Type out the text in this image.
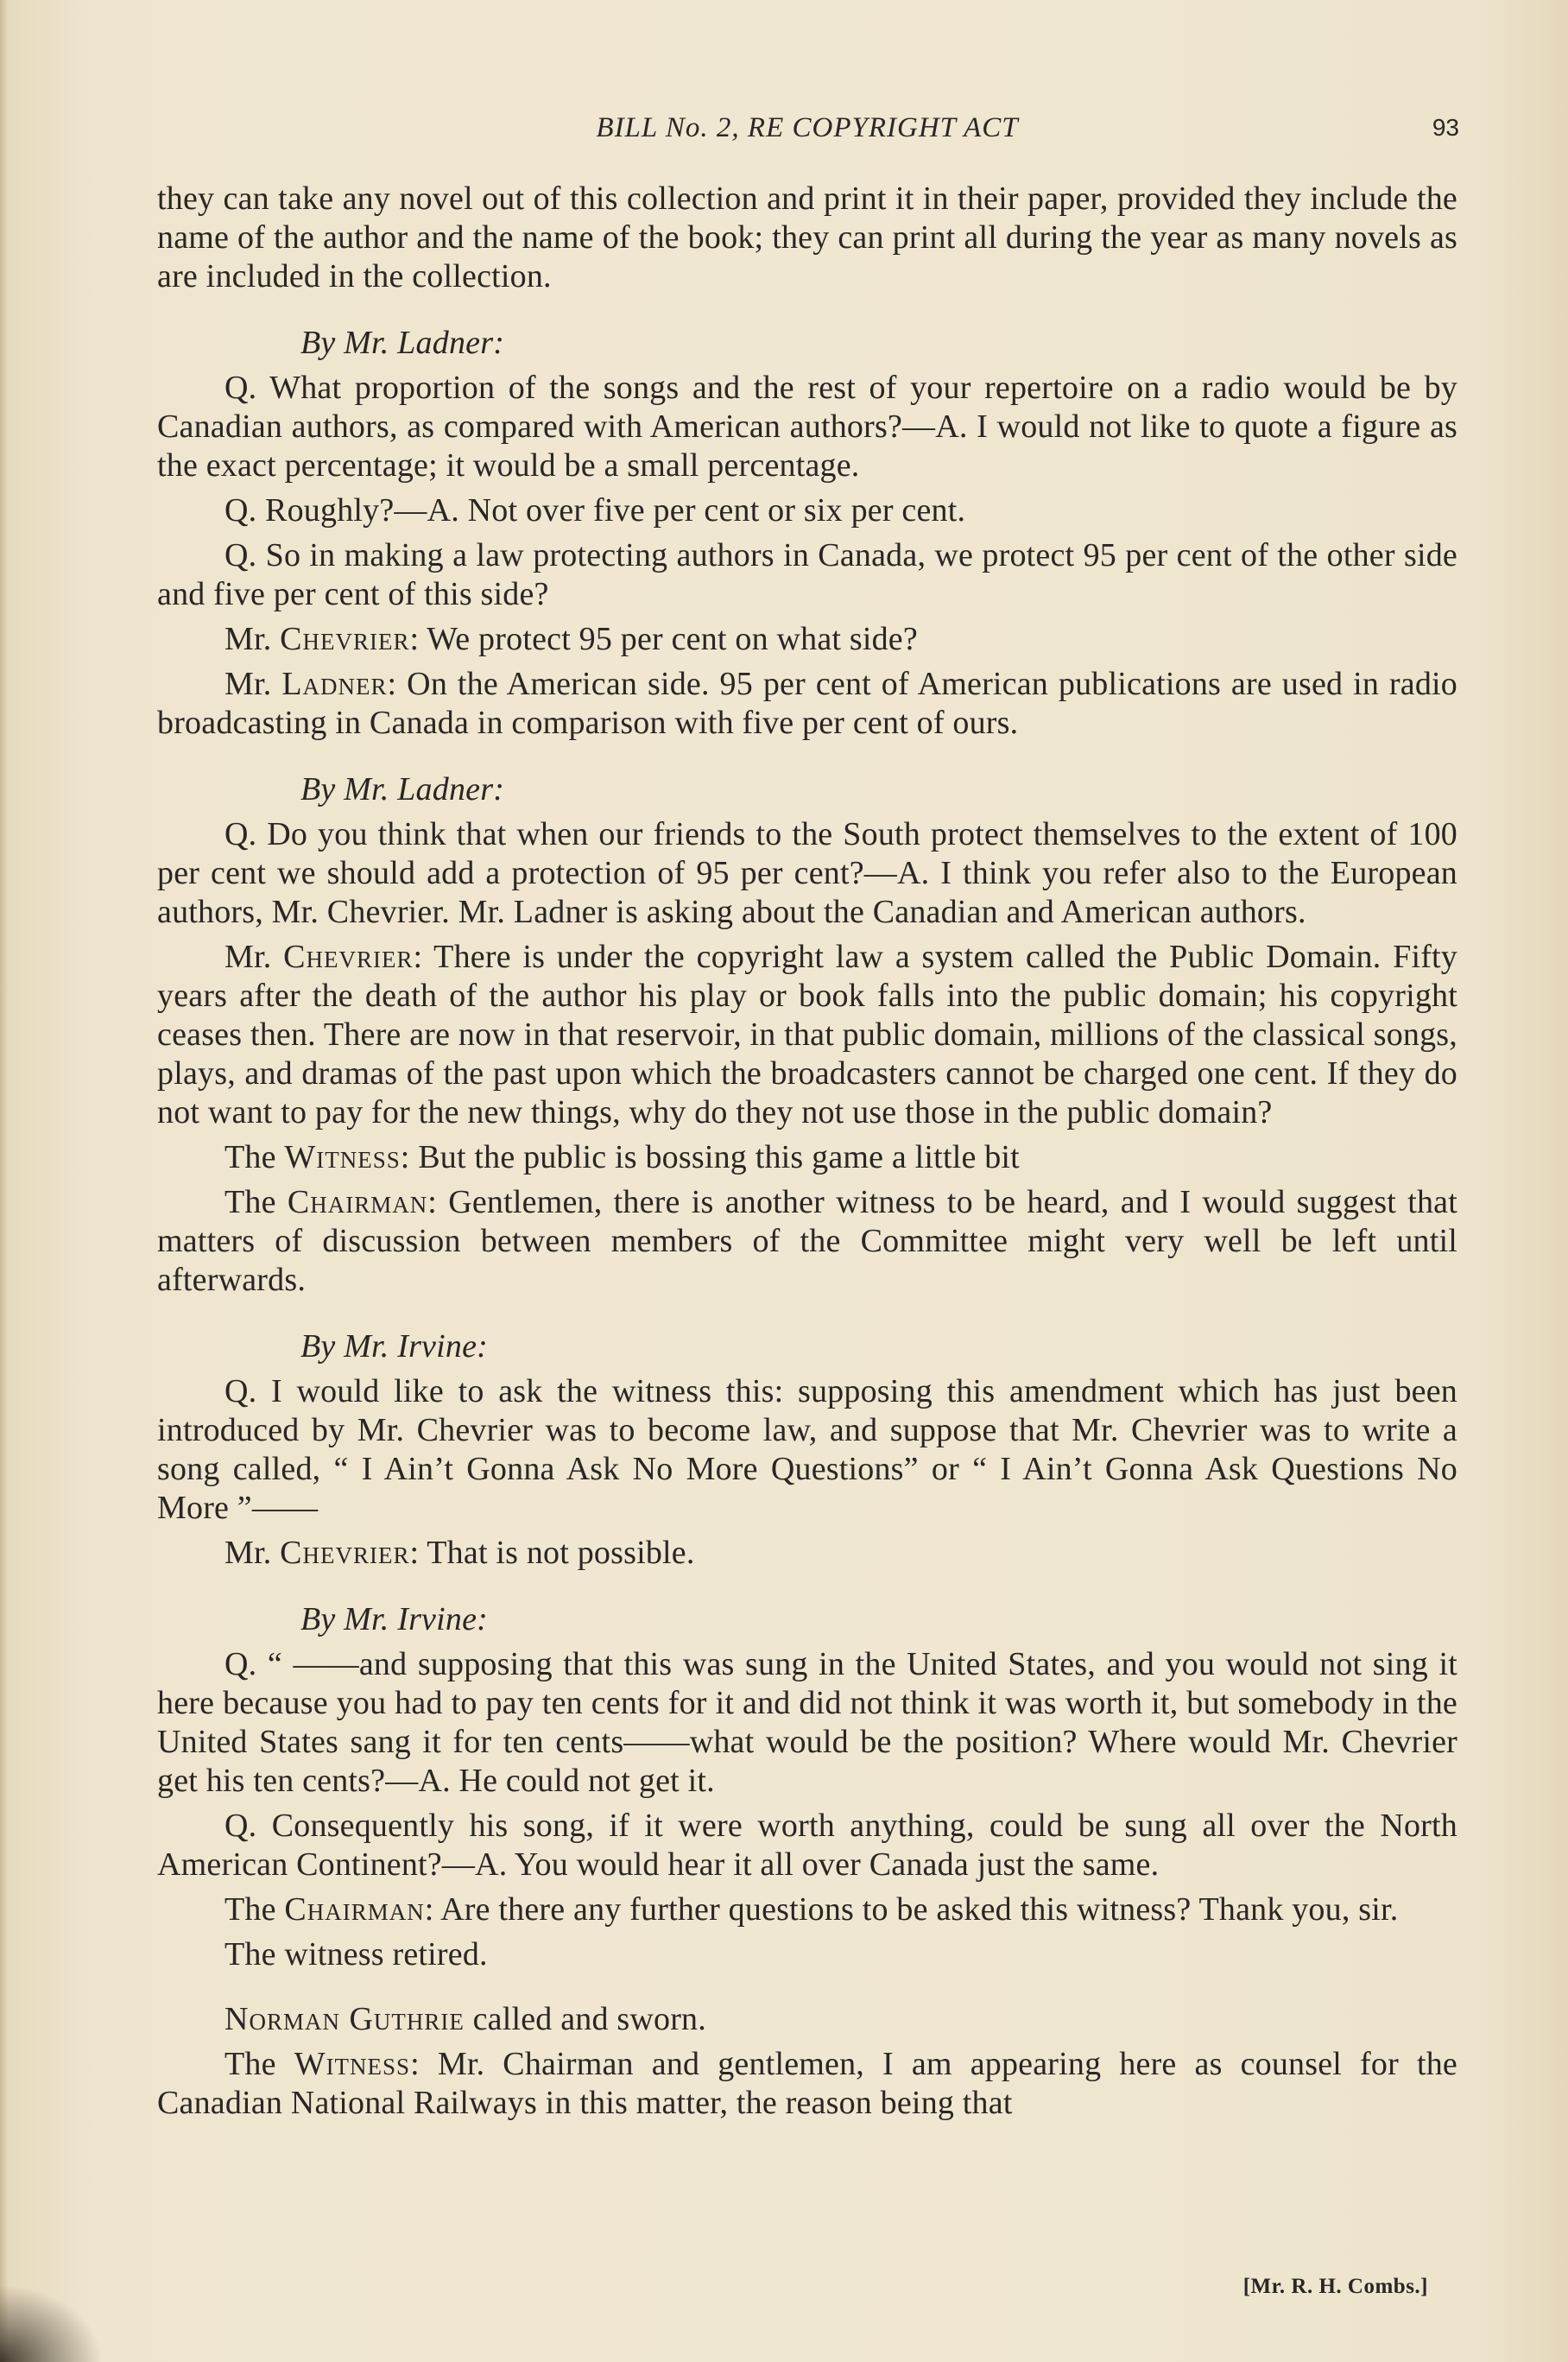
BILL No. 2, RE COPYRIGHT ACT	93

they can take any novel out of this collection and print it in their paper, provided they include the name of the author and the name of the book; they can print all during the year as many novels as are included in the collection.

By Mr. Ladner:

Q. What proportion of the songs and the rest of your repertoire on a radio would be by Canadian authors, as compared with American authors?—A. I would not like to quote a figure as the exact percentage; it would be a small percentage.

Q. Roughly?—A. Not over five per cent or six per cent.

Q. So in making a law protecting authors in Canada, we protect 95 per cent of the other side and five per cent of this side?

Mr. Chevrier: We protect 95 per cent on what side?

Mr. Ladner: On the American side. 95 per cent of American publications are used in radio broadcasting in Canada in comparison with five per cent of ours.

By Mr. Ladner:

Q. Do you think that when our friends to the South protect themselves to the extent of 100 per cent we should add a protection of 95 per cent?—A. I think you refer also to the European authors, Mr. Chevrier. Mr. Ladner is asking about the Canadian and American authors.

Mr. Chevrier: There is under the copyright law a system called the Public Domain. Fifty years after the death of the author his play or book falls into the public domain; his copyright ceases then. There are now in that reservoir, in that public domain, millions of the classical songs, plays, and dramas of the past upon which the broadcasters cannot be charged one cent. If they do not want to pay for the new things, why do they not use those in the public domain?

The Witness: But the public is bossing this game a little bit

The Chairman: Gentlemen, there is another witness to be heard, and I would suggest that matters of discussion between members of the Committee might very well be left until afterwards.

By Mr. Irvine:

Q. I would like to ask the witness this: supposing this amendment which has just been introduced by Mr. Chevrier was to become law, and suppose that Mr. Chevrier was to write a song called, “ I Ain’t Gonna Ask No More Questions” or “ I Ain’t Gonna Ask Questions No More ”——

Mr. Chevrier: That is not possible.

By Mr. Irvine:

Q. “ ——and supposing that this was sung in the United States, and you would not sing it here because you had to pay ten cents for it and did not think it was worth it, but somebody in the United States sang it for ten cents——what would be the position? Where would Mr. Chevrier get his ten cents?—A. He could not get it.

Q. Consequently his song, if it were worth anything, could be sung all over the North American Continent?—A. You would hear it all over Canada just the same.

The Chairman: Are there any further questions to be asked this witness? Thank you, sir.

The witness retired.

Norman Guthrie called and sworn.

The Witness: Mr. Chairman and gentlemen, I am appearing here as counsel for the Canadian National Railways in this matter, the reason being that

[Mr. R. H. Combs.]
